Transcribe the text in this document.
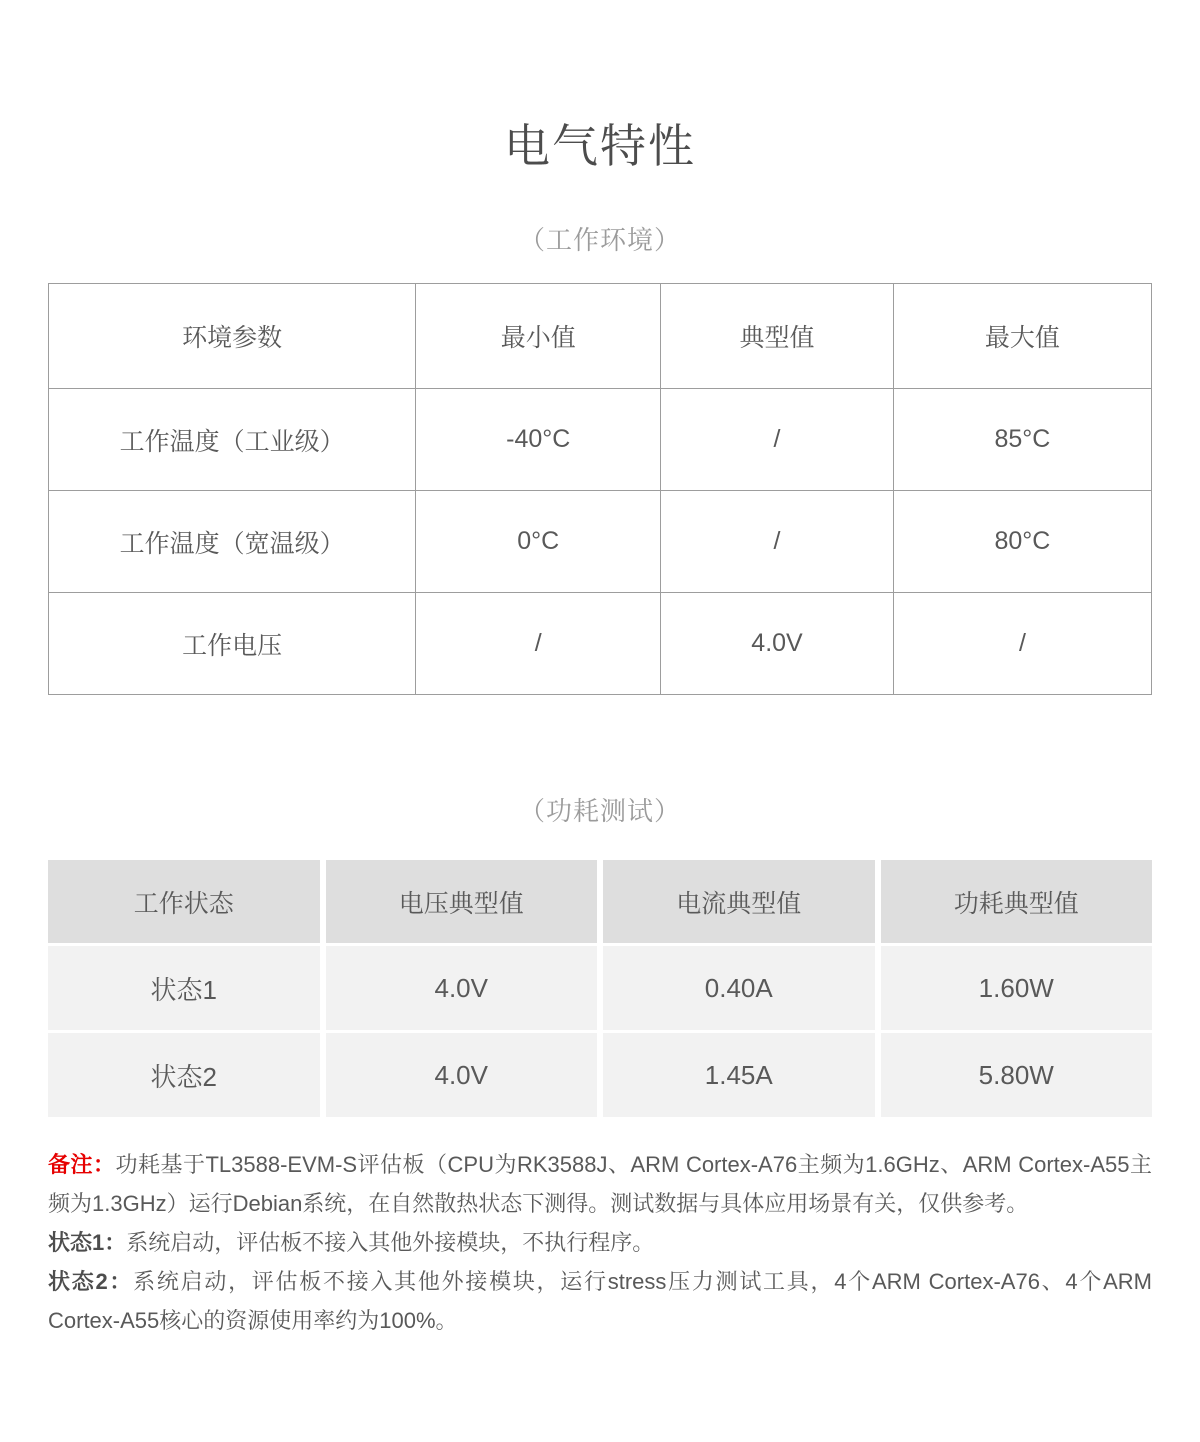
电气特性
（工作环境）
环境参数	最小值	典型值	最大值
工作温度（工业级）	-40°C	/	85°C
工作温度（宽温级）	0°C	/	80°C
工作电压	/	4.0V	/
（功耗测试）
工作状态	电压典型值	电流典型值	功耗典型值
状态1	4.0V	0.40A	1.60W
状态2	4.0V	1.45A	5.80W

备注：功耗基于TL3588-EVM-S评估板（CPU为RK3588J、ARM Cortex-A76主频为1.6GHz、ARM Cortex-A55主频为1.3GHz）运行Debian系统，在自然散热状态下测得。测试数据与具体应用场景有关，仅供参考。

状态1：系统启动，评估板不接入其他外接模块，不执行程序。

状态2：系统启动，评估板不接入其他外接模块，运行stress压力测试工具，4个ARM Cortex-A76、4个ARM Cortex-A55核心的资源使用率约为100%。
